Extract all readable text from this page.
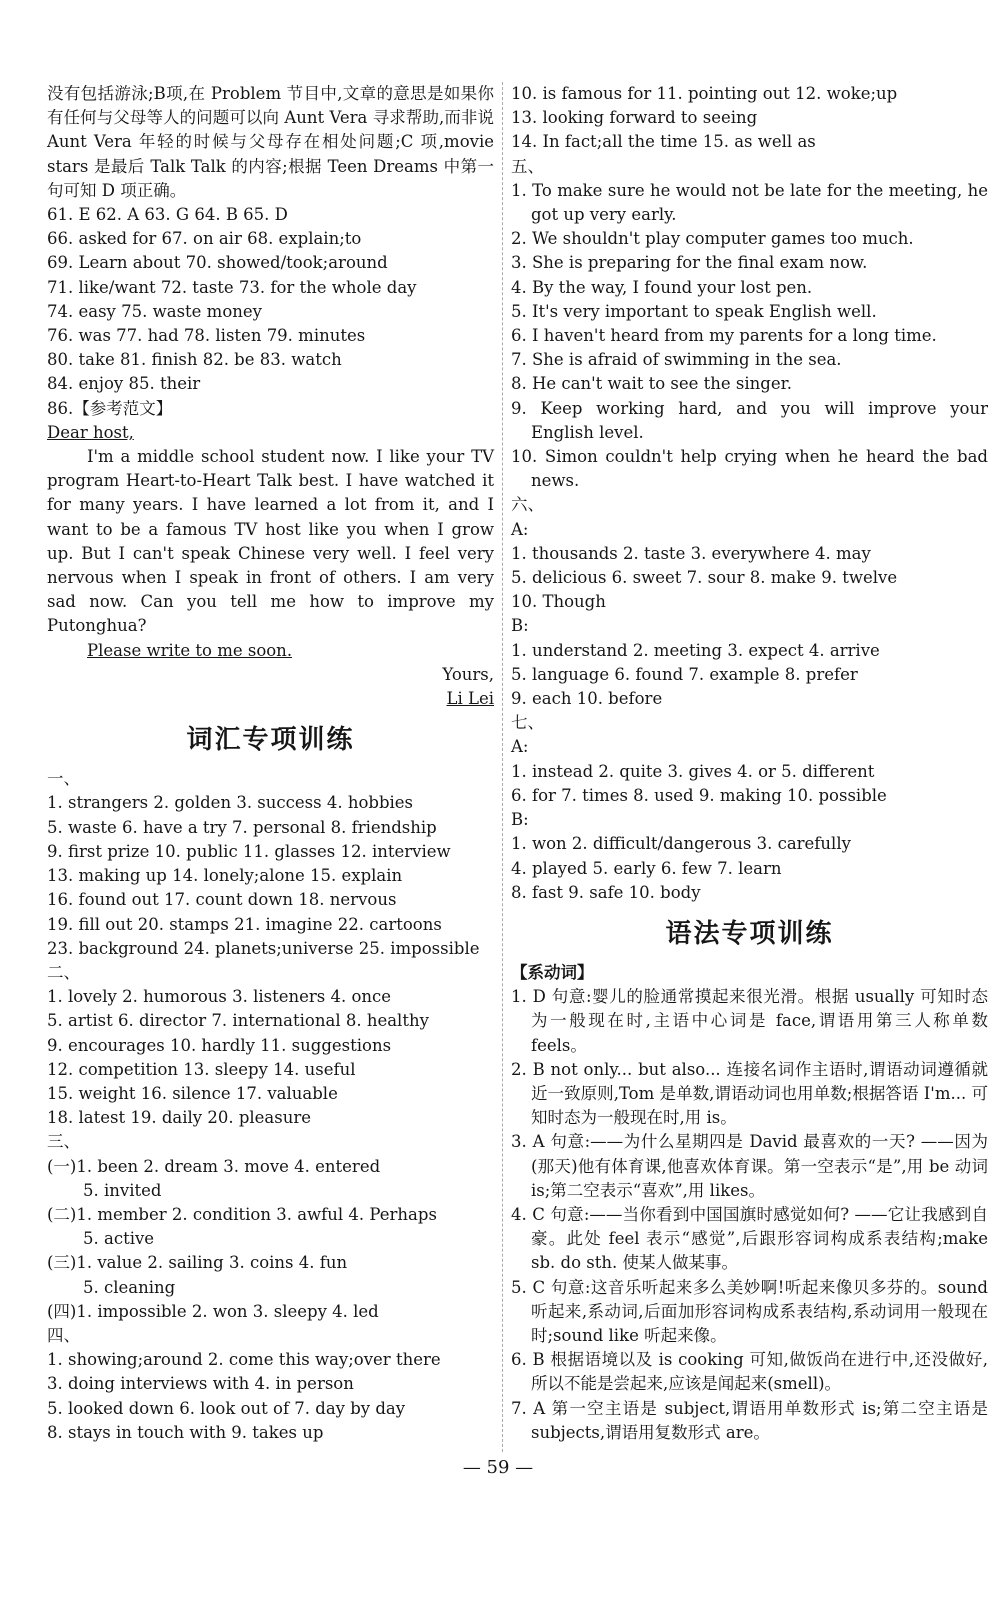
没有包括游泳;B项,在 Problem 节目中,文章的意思是如果你有任何与父母等人的问题可以向 Aunt Vera 寻求帮助,而非说 Aunt Vera 年轻的时候与父母存在相处问题;C 项,movie stars 是最后 Talk Talk 的内容;根据 Teen Dreams 中第一句可知 D 项正确。
61. E 62. A 63. G 64. B 65. D
66. asked for 67. on air 68. explain;to
69. Learn about 70. showed/took;around
71. like/want 72. taste 73. for the whole day
74. easy 75. waste money
76. was 77. had 78. listen 79. minutes
80. take 81. finish 82. be 83. watch
84. enjoy 85. their
86.【参考范文】
Dear host,
I'm a middle school student now. I like your TV program Heart-to-Heart Talk best. I have watched it for many years. I have learned a lot from it, and I want to be a famous TV host like you when I grow up. But I can't speak Chinese very well. I feel very nervous when I speak in front of others. I am very sad now. Can you tell me how to improve my Putonghua?
Please write to me soon.
Yours,
Li Lei
词汇专项训练
一、
1. strangers 2. golden 3. success 4. hobbies
5. waste 6. have a try 7. personal 8. friendship
9. first prize 10. public 11. glasses 12. interview
13. making up 14. lonely;alone 15. explain
16. found out 17. count down 18. nervous
19. fill out 20. stamps 21. imagine 22. cartoons
23. background 24. planets;universe 25. impossible
二、
1. lovely 2. humorous 3. listeners 4. once
5. artist 6. director 7. international 8. healthy
9. encourages 10. hardly 11. suggestions
12. competition 13. sleepy 14. useful
15. weight 16. silence 17. valuable
18. latest 19. daily 20. pleasure
三、
(一)1. been 2. dream 3. move 4. entered
5. invited
(二)1. member 2. condition 3. awful 4. Perhaps
5. active
(三)1. value 2. sailing 3. coins 4. fun
5. cleaning
(四)1. impossible 2. won 3. sleepy 4. led
四、
1. showing;around 2. come this way;over there
3. doing interviews with 4. in person
5. looked down 6. look out of 7. day by day
8. stays in touch with 9. takes up
10. is famous for 11. pointing out 12. woke;up
13. looking forward to seeing
14. In fact;all the time 15. as well as
五、
1. To make sure he would not be late for the meeting, he got up very early.
2. We shouldn't play computer games too much.
3. She is preparing for the final exam now.
4. By the way, I found your lost pen.
5. It's very important to speak English well.
6. I haven't heard from my parents for a long time.
7. She is afraid of swimming in the sea.
8. He can't wait to see the singer.
9. Keep working hard, and you will improve your English level.
10. Simon couldn't help crying when he heard the bad news.
六、
A:
1. thousands 2. taste 3. everywhere 4. may
5. delicious 6. sweet 7. sour 8. make 9. twelve
10. Though
B:
1. understand 2. meeting 3. expect 4. arrive
5. language 6. found 7. example 8. prefer
9. each 10. before
七、
A:
1. instead 2. quite 3. gives 4. or 5. different
6. for 7. times 8. used 9. making 10. possible
B:
1. won 2. difficult/dangerous 3. carefully
4. played 5. early 6. few 7. learn
8. fast 9. safe 10. body
语法专项训练
【系动词】
1. D 句意:婴儿的脸通常摸起来很光滑。根据 usually 可知时态为一般现在时,主语中心词是 face,谓语用第三人称单数 feels。
2. B not only... but also... 连接名词作主语时,谓语动词遵循就近一致原则,Tom 是单数,谓语动词也用单数;根据答语 I'm... 可知时态为一般现在时,用 is。
3. A 句意:——为什么星期四是 David 最喜欢的一天? ——因为(那天)他有体育课,他喜欢体育课。第一空表示“是”,用 be 动词 is;第二空表示“喜欢”,用 likes。
4. C 句意:——当你看到中国国旗时感觉如何? ——它让我感到自豪。此处 feel 表示“感觉”,后跟形容词构成系表结构;make sb. do sth. 使某人做某事。
5. C 句意:这音乐听起来多么美妙啊!听起来像贝多芬的。sound 听起来,系动词,后面加形容词构成系表结构,系动词用一般现在时;sound like 听起来像。
6. B 根据语境以及 is cooking 可知,做饭尚在进行中,还没做好,所以不能是尝起来,应该是闻起来(smell)。
7. A 第一空主语是 subject,谓语用单数形式 is;第二空主语是 subjects,谓语用复数形式 are。
— 59 —
